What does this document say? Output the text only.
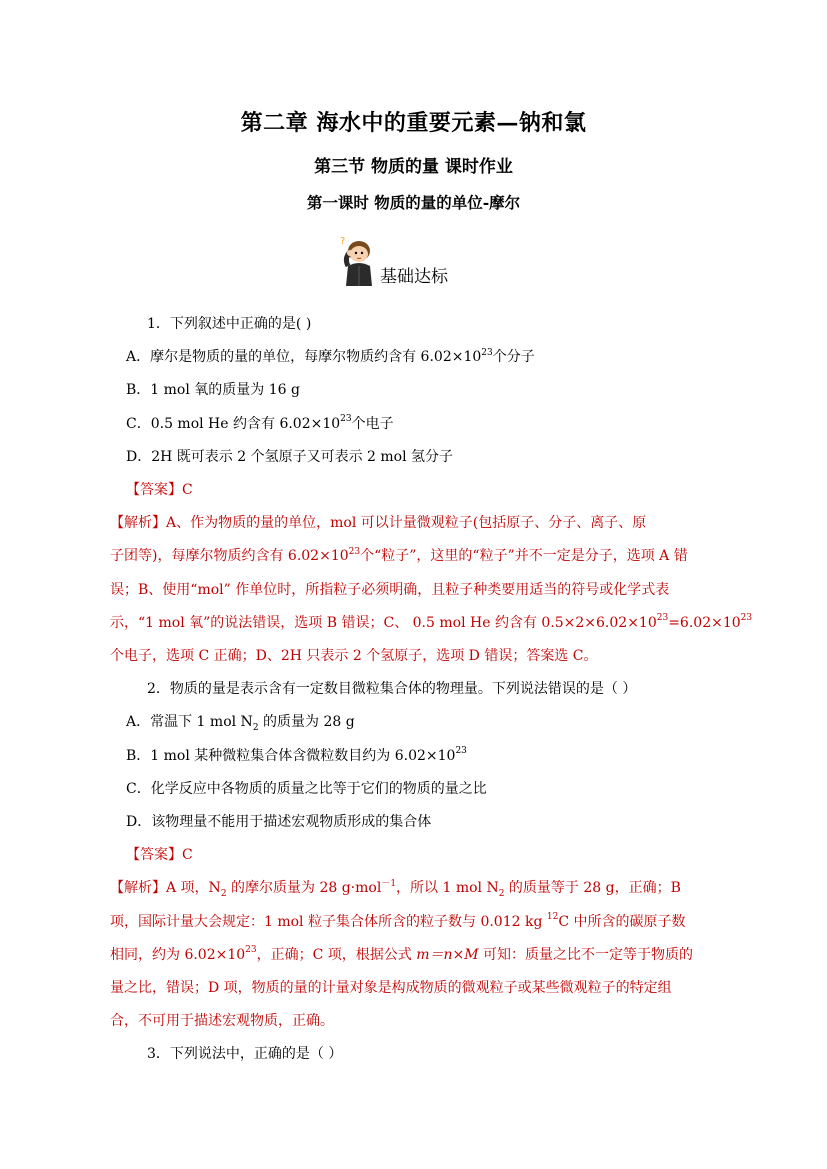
第二章 海水中的重要元素—钠和氯
第三节 物质的量 课时作业
第一课时 物质的量的单位-摩尔
?
基础达标

1．下列叙述中正确的是( )

A．摩尔是物质的量的单位，每摩尔物质约含有 $6.02\times 10^{23}$个分子

B．1 mol 氧的质量为 16 g

C．0.5 mol He 约含有 $6.02\times 10^{23}$个电子

D．2H 既可表示 2 个氢原子又可表示 2 mol 氢分子

【答案】C

【解析】A、作为物质的量的单位，mol 可以计量微观粒子(包括原子、分子、离子、原
子团等)，每摩尔物质约含有 $6.02\times 10^{23}$个“粒子”，这里的“粒子”并不一定是分子，选项 A 错
误；B、使用“mol” 作单位时，所指粒子必须明确，且粒子种类要用适当的符号或化学式表
示，“1 mol 氧”的说法错误，选项 B 错误；C、 0.5 mol He 约含有 $0.5\times 2\times 6.02\times 10^{23}=6.02\times 10^{23}$
个电子，选项 C 正确；D、2H 只表示 2 个氢原子，选项 D 错误；答案选 C。

2．物质的量是表示含有一定数目微粒集合体的物理量。下列说法错误的是（ ）

A．常温下 1 mol $N_2$ 的质量为 28 g

B．1 mol 某种微粒集合体含微粒数目约为 $6.02\times 10^{23}$

C．化学反应中各物质的质量之比等于它们的物质的量之比

D．该物理量不能用于描述宏观物质形成的集合体

【答案】C

【解析】A 项，$N_2$ 的摩尔质量为 28 g·mol$^{-1}$，所以 1 mol $N_2$ 的质量等于 28 g，正确；B
项，国际计量大会规定：1 mol 粒子集合体所含的粒子数与 0.012 kg $^{12}$C 中所含的碳原子数
相同，约为 $6.02\times 10^{23}$，正确；C 项，根据公式 m＝n×M 可知：质量之比不一定等于物质的
量之比，错误；D 项，物质的量的计量对象是构成物质的微观粒子或某些微观粒子的特定组
合，不可用于描述宏观物质，正确。

3．下列说法中，正确的是（ ）
